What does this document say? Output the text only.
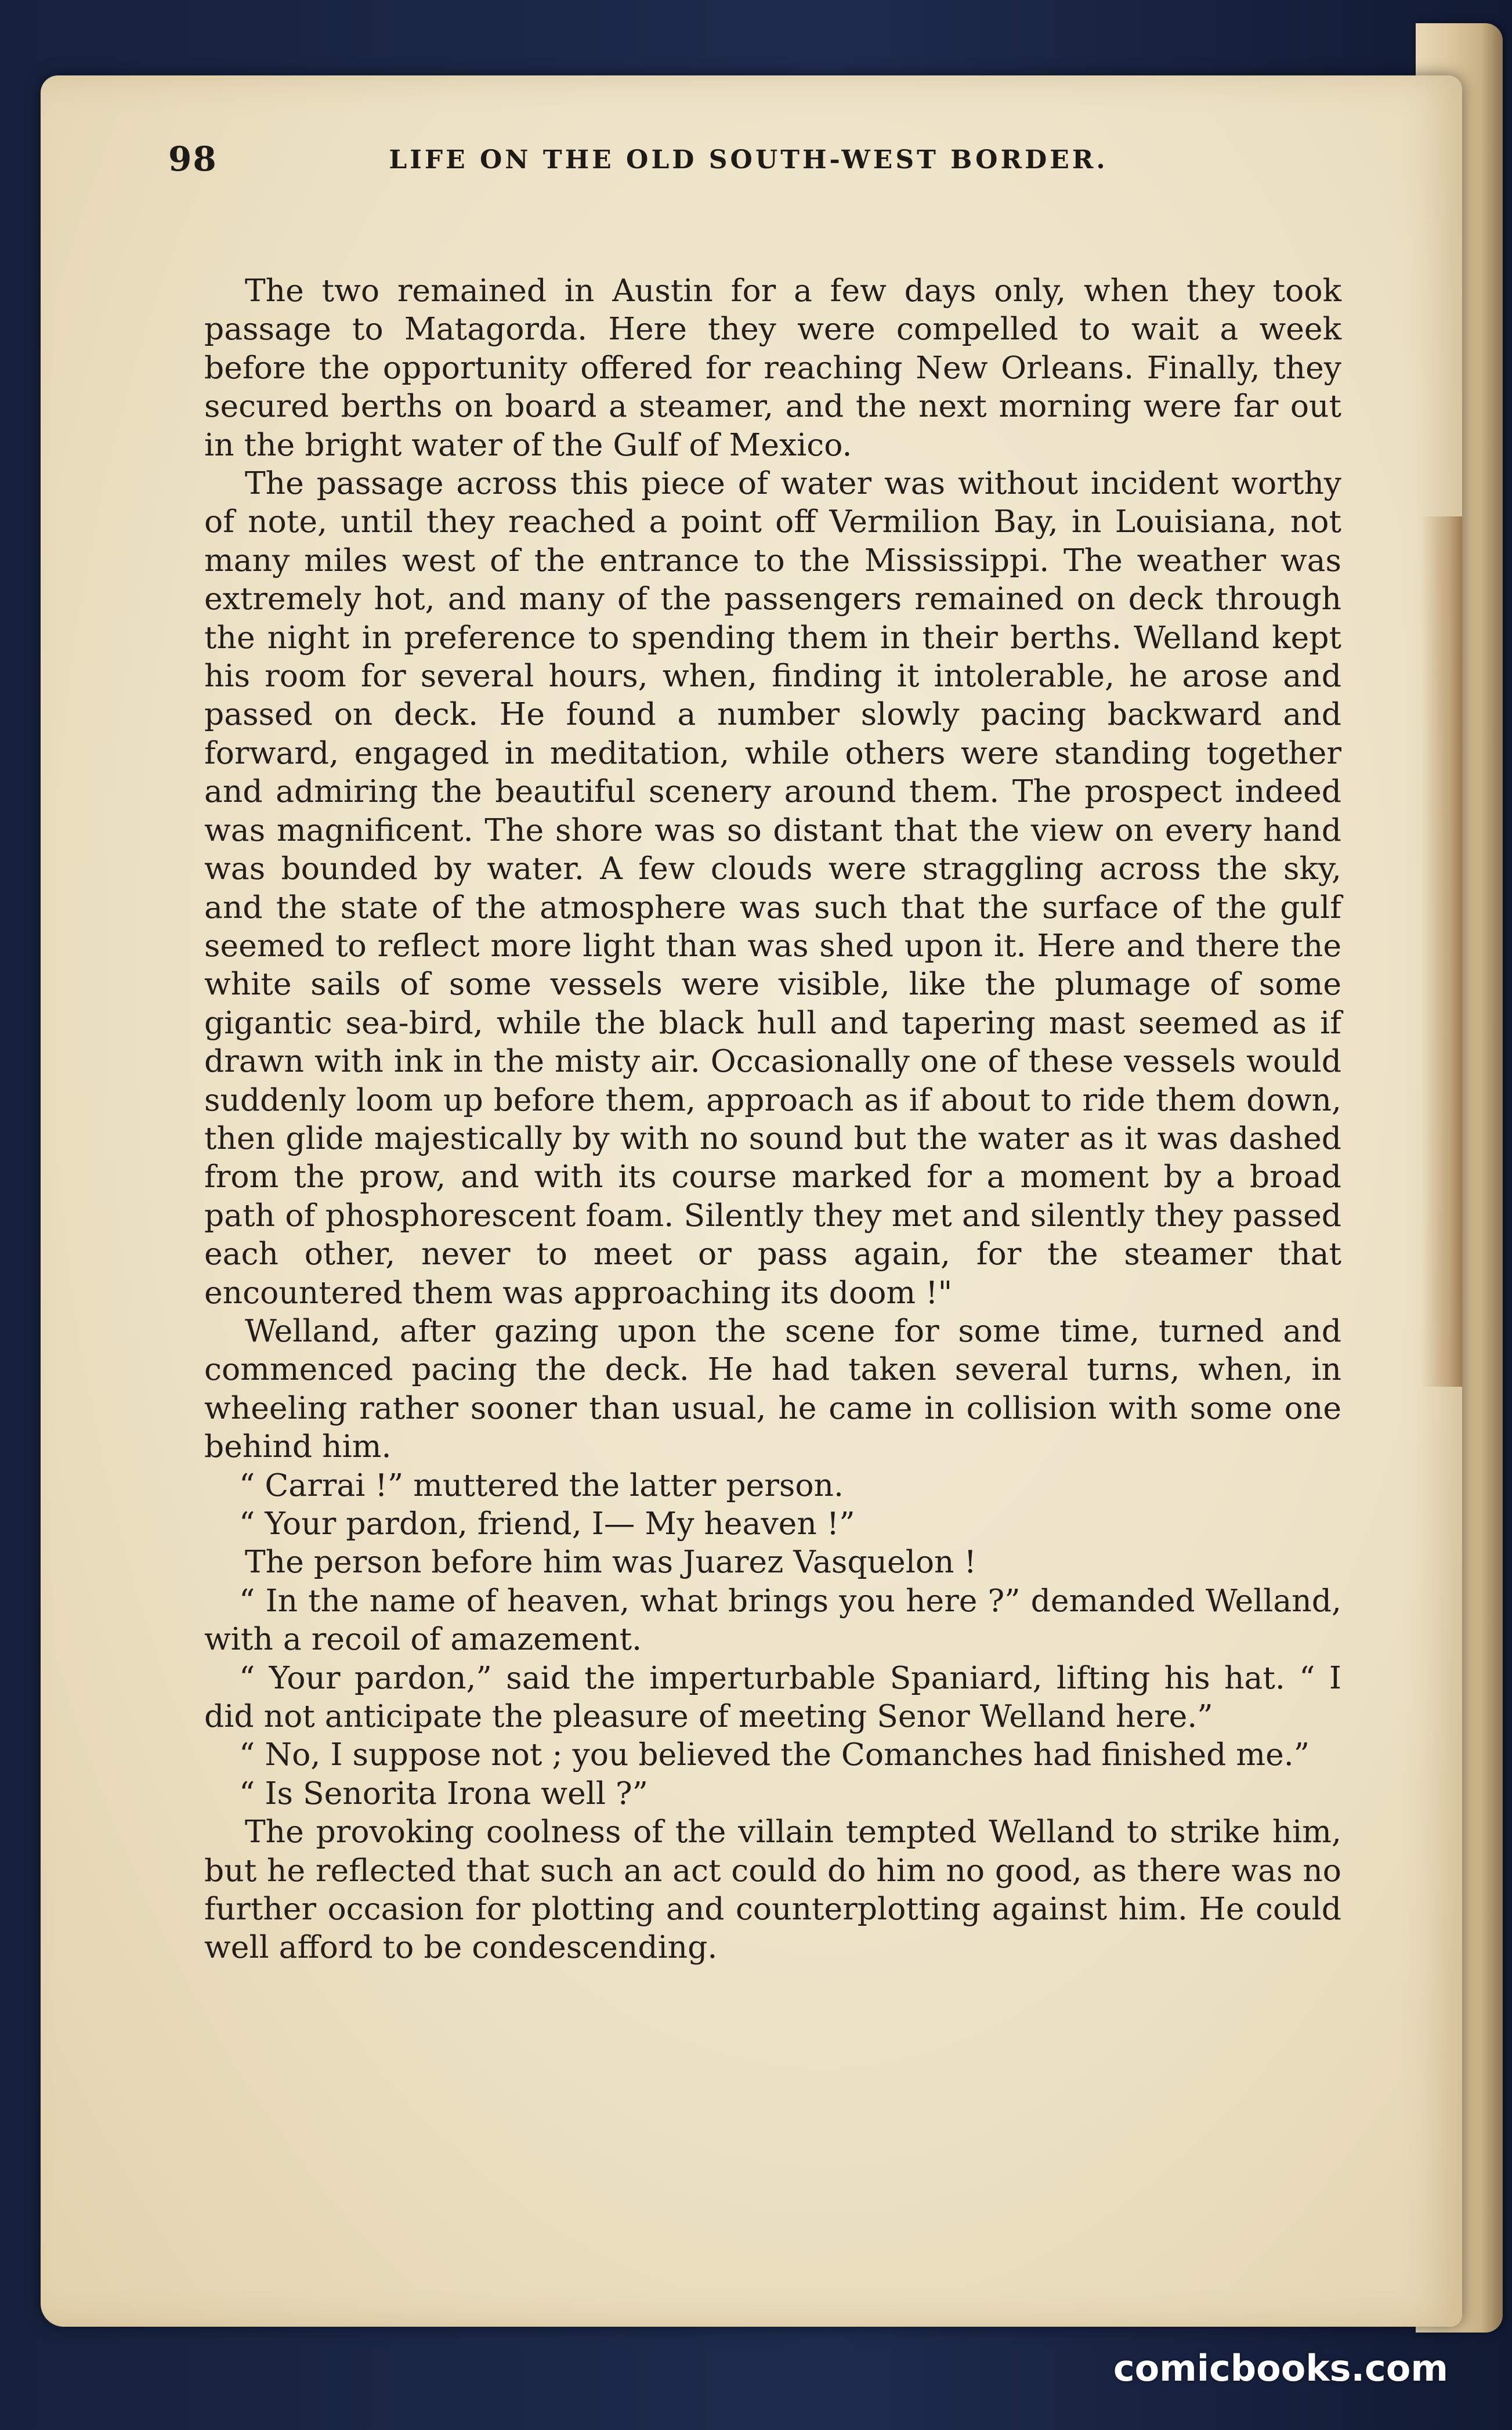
98	LIFE ON THE OLD SOUTH-WEST BORDER.

The two remained in Austin for a few days only, when they took passage to Matagorda. Here they were compelled to wait a week before the opportunity offered for reaching New Orleans. Finally, they secured berths on board a steamer, and the next morning were far out in the bright water of the Gulf of Mexico.

The passage across this piece of water was without incident worthy of note, until they reached a point off Vermilion Bay, in Louisiana, not many miles west of the entrance to the Mississippi. The weather was extremely hot, and many of the passengers remained on deck through the night in preference to spending them in their berths. Welland kept his room for several hours, when, finding it intolerable, he arose and passed on deck. He found a number slowly pacing backward and forward, engaged in meditation, while others were standing together and admiring the beautiful scenery around them. The prospect indeed was magnificent. The shore was so distant that the view on every hand was bounded by water. A few clouds were straggling across the sky, and the state of the atmosphere was such that the surface of the gulf seemed to reflect more light than was shed upon it. Here and there the white sails of some vessels were visible, like the plumage of some gigantic sea-bird, while the black hull and tapering mast seemed as if drawn with ink in the misty air. Occasionally one of these vessels would suddenly loom up before them, approach as if about to ride them down, then glide majestically by with no sound but the water as it was dashed from the prow, and with its course marked for a moment by a broad path of phosphorescent foam. Silently they met and silently they passed each other, never to meet or pass again, for the steamer that encountered them was approaching its doom !"

Welland, after gazing upon the scene for some time, turned and commenced pacing the deck. He had taken several turns, when, in wheeling rather sooner than usual, he came in collision with some one behind him.

“ Carrai !” muttered the latter person.

“ Your pardon, friend, I— My heaven !”

The person before him was Juarez Vasquelon !

“ In the name of heaven, what brings you here ?” demanded Welland, with a recoil of amazement.

“ Your pardon,” said the imperturbable Spaniard, lifting his hat. “ I did not anticipate the pleasure of meeting Senor Welland here.”

“ No, I suppose not ; you believed the Comanches had finished me.”

“ Is Senorita Irona well ?”

The provoking coolness of the villain tempted Welland to strike him, but he reflected that such an act could do him no good, as there was no further occasion for plotting and counterplotting against him. He could well afford to be condescending.

comicbooks.com
